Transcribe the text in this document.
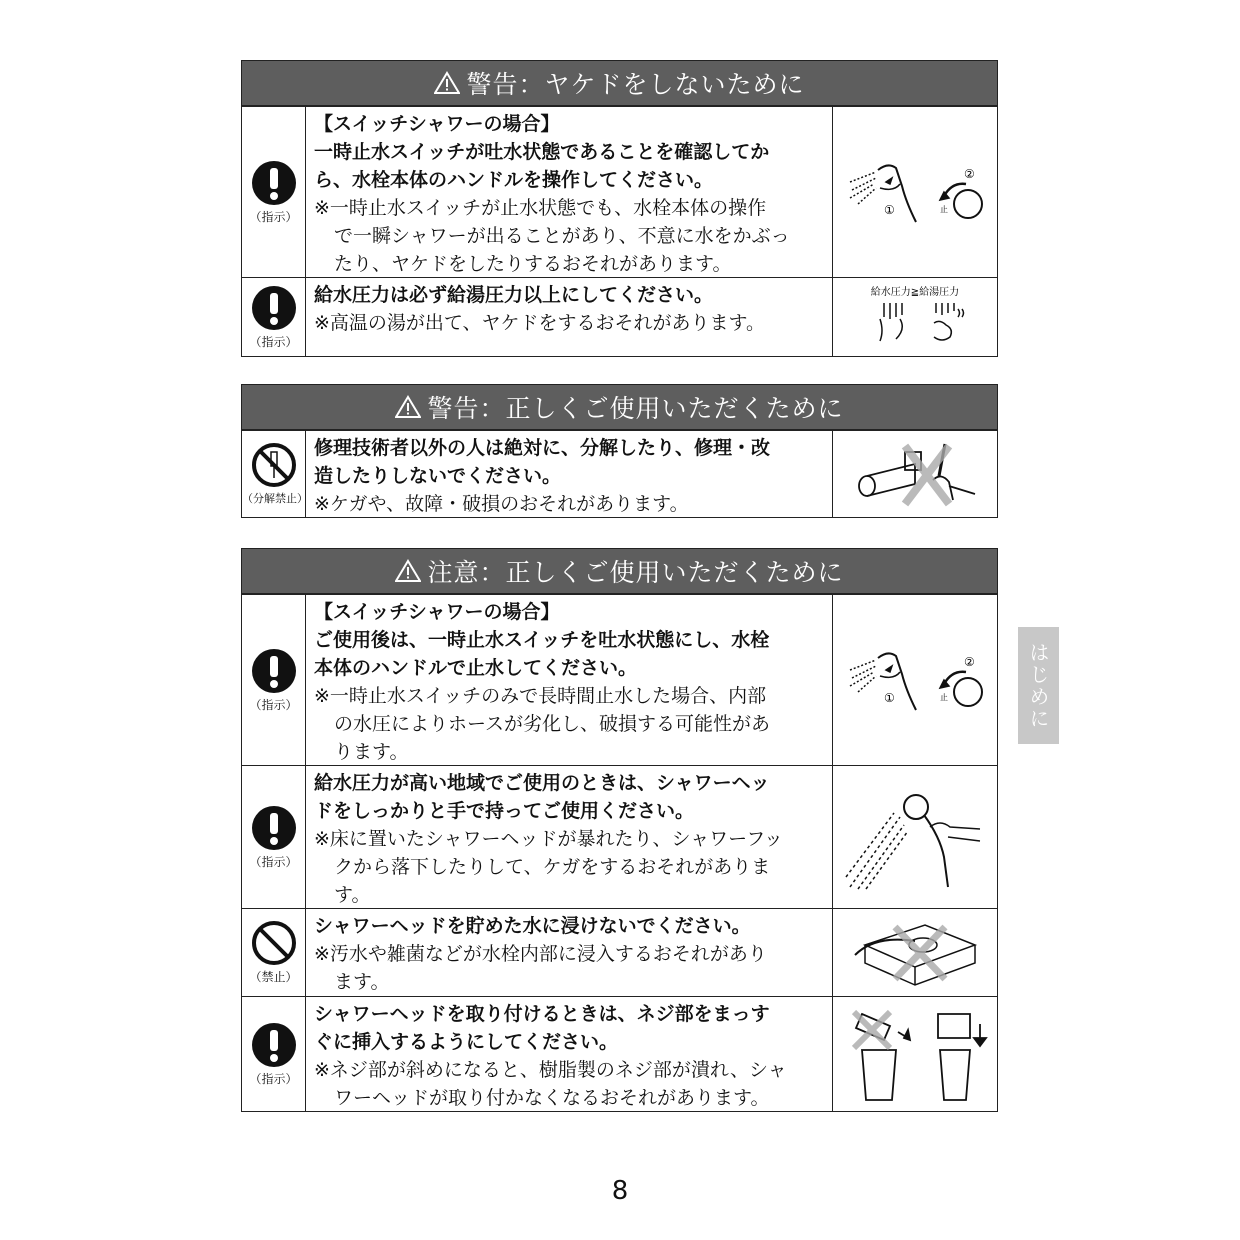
警告：ヤケドをしないために
（指示）
【スイッチシャワーの場合】
一時止水スイッチが吐水状態であることを確認してか
ら、水栓本体のハンドルを操作してください。
※一時止水スイッチが止水状態でも、水栓本体の操作
で一瞬シャワーが出ることがあり、不意に水をかぶっ
たり、ヤケドをしたりするおそれがあります。
①
②
止
（指示）
給水圧力は必ず給湯圧力以上にしてください。
※高温の湯が出て、ヤケドをするおそれがあります。
給水圧力≧給湯圧力
警告：正しくご使用いただくために
（分解禁止）
修理技術者以外の人は絶対に、分解したり、修理・改
造したりしないでください。
※ケガや、故障・破損のおそれがあります。
注意：正しくご使用いただくために
（指示）
【スイッチシャワーの場合】
ご使用後は、一時止水スイッチを吐水状態にし、水栓
本体のハンドルで止水してください。
※一時止水スイッチのみで長時間止水した場合、内部
の水圧によりホースが劣化し、破損する可能性があ
ります。
①
②
止
（指示）
給水圧力が高い地域でご使用のときは、シャワーヘッ
ドをしっかりと手で持ってご使用ください。
※床に置いたシャワーヘッドが暴れたり、シャワーフッ
クから落下したりして、ケガをするおそれがありま
す。
（禁止）
シャワーヘッドを貯めた水に浸けないでください。
※汚水や雑菌などが水栓内部に浸入するおそれがあり
ます。
（指示）
シャワーヘッドを取り付けるときは、ネジ部をまっす
ぐに挿入するようにしてください。
※ネジ部が斜めになると、樹脂製のネジ部が潰れ、シャ
ワーヘッドが取り付かなくなるおそれがあります。
はじめに
8
